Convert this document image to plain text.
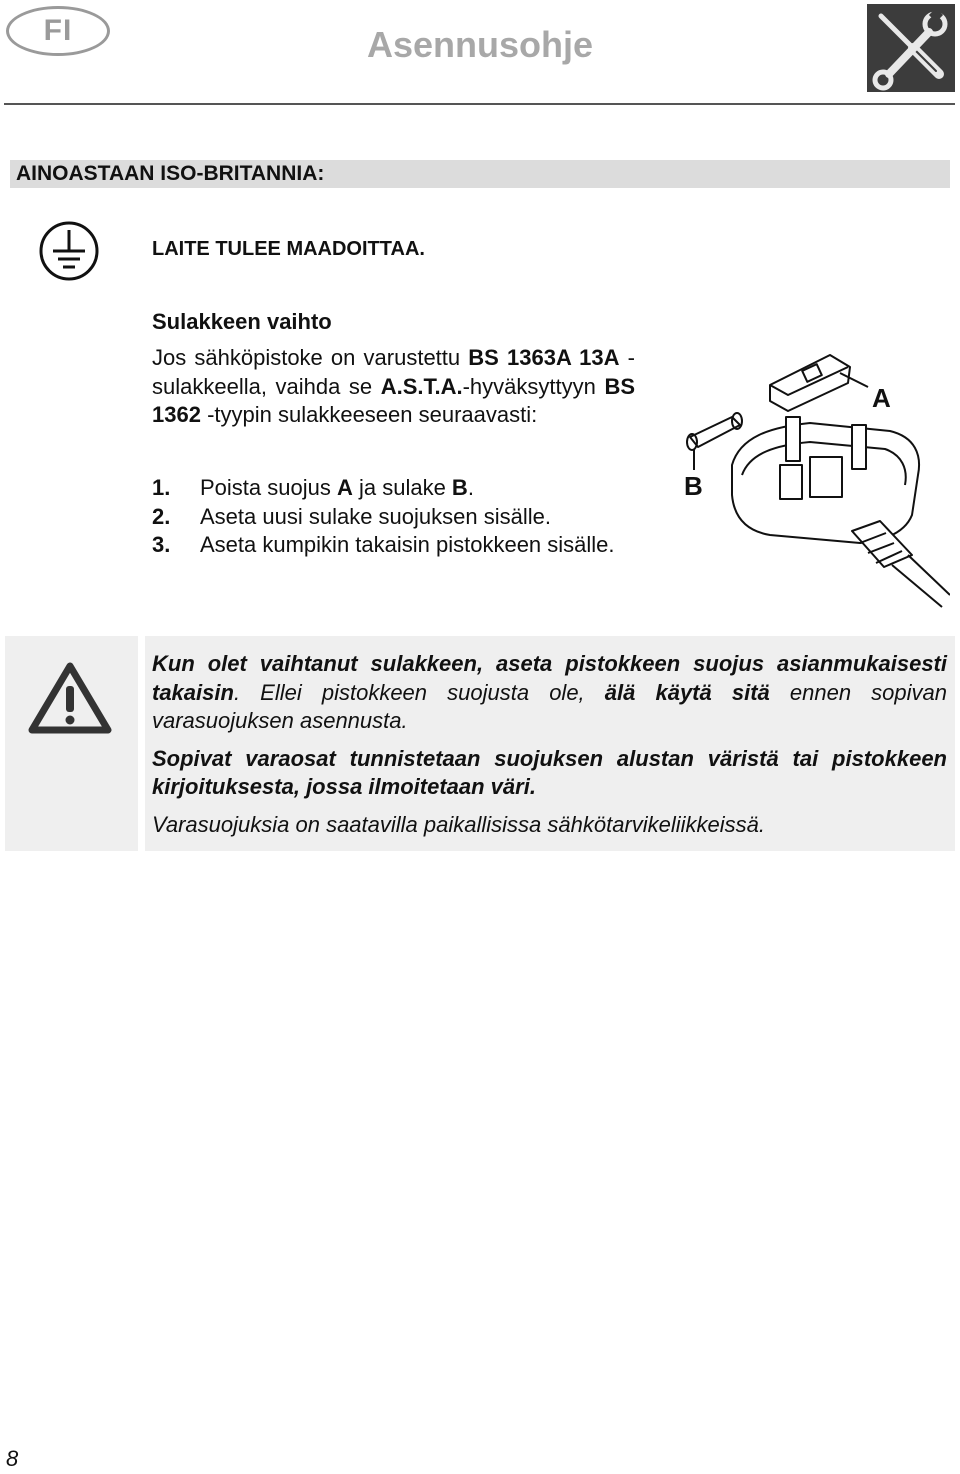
FI	Asennusohje
AINOASTAAN ISO-BRITANNIA:
LAITE TULEE MAADOITTAA.
Sulakkeen vaihto
Jos sähköpistoke on varustettu BS 1363A 13A -sulakkeella, vaihda se A.S.T.A.-hyväksyttyyn BS 1362 -tyypin sulakkeeseen seuraavasti:
1.	Poista suojus A ja sulake B.
2.	Aseta uusi sulake suojuksen sisälle.
3.	Aseta kumpikin takaisin pistokkeen sisälle.
A
B

Kun olet vaihtanut sulakkeen, aseta pistokkeen suojus asianmukaisesti takaisin. Ellei pistokkeen suojusta ole, älä käytä sitä ennen sopivan varasuojuksen asennusta.

Sopivat varaosat tunnistetaan suojuksen alustan väristä tai pistokkeen kirjoituksesta, jossa ilmoitetaan väri.

Varasuojuksia on saatavilla paikallisissa sähkötarvikeliikkeissä.

8
